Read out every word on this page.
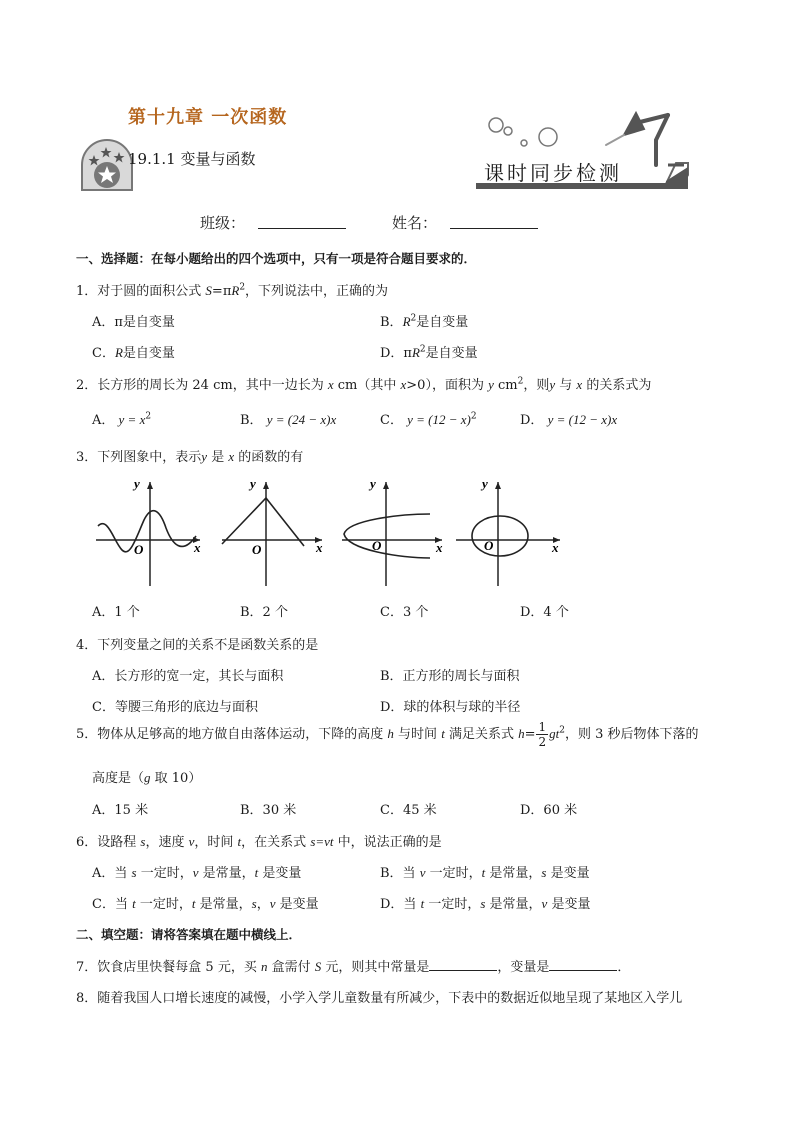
第十九章 一次函数
19.1.1 变量与函数
课时同步检测
班级：	姓名：
一、选择题：在每小题给出的四个选项中，只有一项是符合题目要求的．
1．对于圆的面积公式 $S=\pi R^2$，下列说法中，正确的为
A．π是自变量	B．$R^2$是自变量
C．R是自变量	D．$\pi R^2$是自变量
2．长方形的周长为 24 cm，其中一边长为 x cm（其中 x>0），面积为 y $cm^2$，则y 与 x 的关系式为
A． $y = x^2$	B． y = (24 − x)x	C． $y = (12 - x)^2$	D． y = (12 − x)x
3．下列图象中，表示y 是 x 的函数的有
y
x
O
y
x
O
y
x
O
y
x
O
A．1 个	B．2 个	C．3 个	D．4 个
4．下列变量之间的关系不是函数关系的是
A．长方形的宽一定，其长与面积	B．正方形的周长与面积
C．等腰三角形的底边与面积	D．球的体积与球的半径
5．物体从足够高的地方做自由落体运动，下降的高度 h 与时间 t 满足关系式 $h= \frac{1}{2} gt^2$，则 3 秒后物体下落的
高度是（g 取 10）
A．15 米	B．30 米	C．45 米	D．60 米
6．设路程 s，速度 v，时间 t，在关系式 s=vt 中，说法正确的是
A．当 s 一定时，v 是常量，t 是变量	B．当 v 一定时，t 是常量，s 是变量
C．当 t 一定时，t 是常量，s，v 是变量	D．当 t 一定时，s 是常量，v 是变量
二、填空题：请将答案填在题中横线上．
7．饮食店里快餐每盒 5 元，买 n 盒需付 S 元，则其中常量是	，变量是	．
8．随着我国人口增长速度的减慢，小学入学儿童数量有所减少，下表中的数据近似地呈现了某地区入学儿
